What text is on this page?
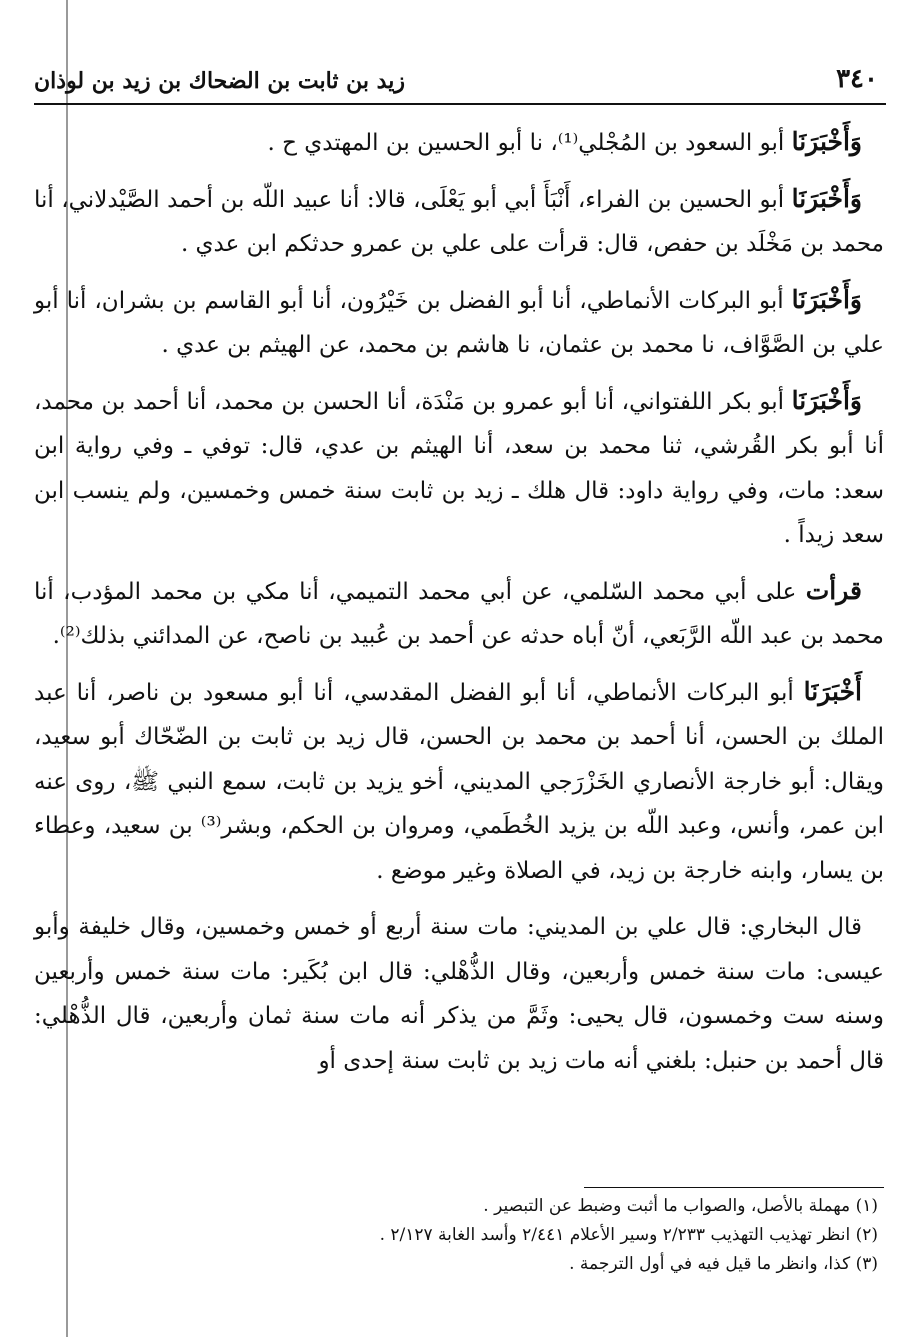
٣٤٠
زيد بن ثابت بن الضحاك بن زيد بن لوذان

وَأَخْبَرَنَا أبو السعود بن المُجْلي⁽¹⁾، نا أبو الحسين بن المهتدي ح .

وَأَخْبَرَنَا أبو الحسين بن الفراء، أَنْبَأَ أبي أبو يَعْلَى، قالا: أنا عبيد اللّه بن أحمد الصَّيْدلاني، أنا محمد بن مَخْلَد بن حفص، قال: قرأت على علي بن عمرو حدثكم ابن عدي .

وَأَخْبَرَنَا أبو البركات الأنماطي، أنا أبو الفضل بن خَيْرُون، أنا أبو القاسم بن بشران، أنا أبو علي بن الصَّوَّاف، نا محمد بن عثمان، نا هاشم بن محمد، عن الهيثم بن عدي .

وَأَخْبَرَنَا أبو بكر اللفتواني، أنا أبو عمرو بن مَنْدَة، أنا الحسن بن محمد، أنا أحمد بن محمد، أنا أبو بكر القُرشي، ثنا محمد بن سعد، أنا الهيثم بن عدي، قال: توفي ـ وفي رواية ابن سعد: مات، وفي رواية داود: قال هلك ـ زيد بن ثابت سنة خمس وخمسين، ولم ينسب ابن سعد زيداً .

قرأت على أبي محمد السّلمي، عن أبي محمد التميمي، أنا مكي بن محمد المؤدب، أنا محمد بن عبد اللّه الرَّبَعي، أنّ أباه حدثه عن أحمد بن عُبيد بن ناصح، عن المدائني بذلك⁽²⁾.

أَخْبَرَنَا أبو البركات الأنماطي، أنا أبو الفضل المقدسي، أنا أبو مسعود بن ناصر، أنا عبد الملك بن الحسن، أنا أحمد بن محمد بن الحسن، قال زيد بن ثابت بن الضّحّاك أبو سعيد، ويقال: أبو خارجة الأنصاري الخَزْرَجي المديني، أخو يزيد بن ثابت، سمع النبي ﷺ، روى عنه ابن عمر، وأنس، وعبد اللّه بن يزيد الخُطَمي، ومروان بن الحكم، وبشر⁽³⁾ بن سعيد، وعطاء بن يسار، وابنه خارجة بن زيد، في الصلاة وغير موضع .

قال البخاري: قال علي بن المديني: مات سنة أربع أو خمس وخمسين، وقال خليفة وأبو عيسى: مات سنة خمس وأربعين، وقال الذُّهْلي: قال ابن بُكَير: مات سنة خمس وأربعين وسنه ست وخمسون، قال يحيى: وثَمَّ من يذكر أنه مات سنة ثمان وأربعين، قال الذُّهْلي: قال أحمد بن حنبل: بلغني أنه مات زيد بن ثابت سنة إحدى أو

(١) مهملة بالأصل، والصواب ما أثبت وضبط عن التبصير .

(٢) انظر تهذيب التهذيب ٢/٢٣٣ وسير الأعلام ٢/٤٤١ وأسد الغابة ٢/١٢٧ .

(٣) كذا، وانظر ما قيل فيه في أول الترجمة .
